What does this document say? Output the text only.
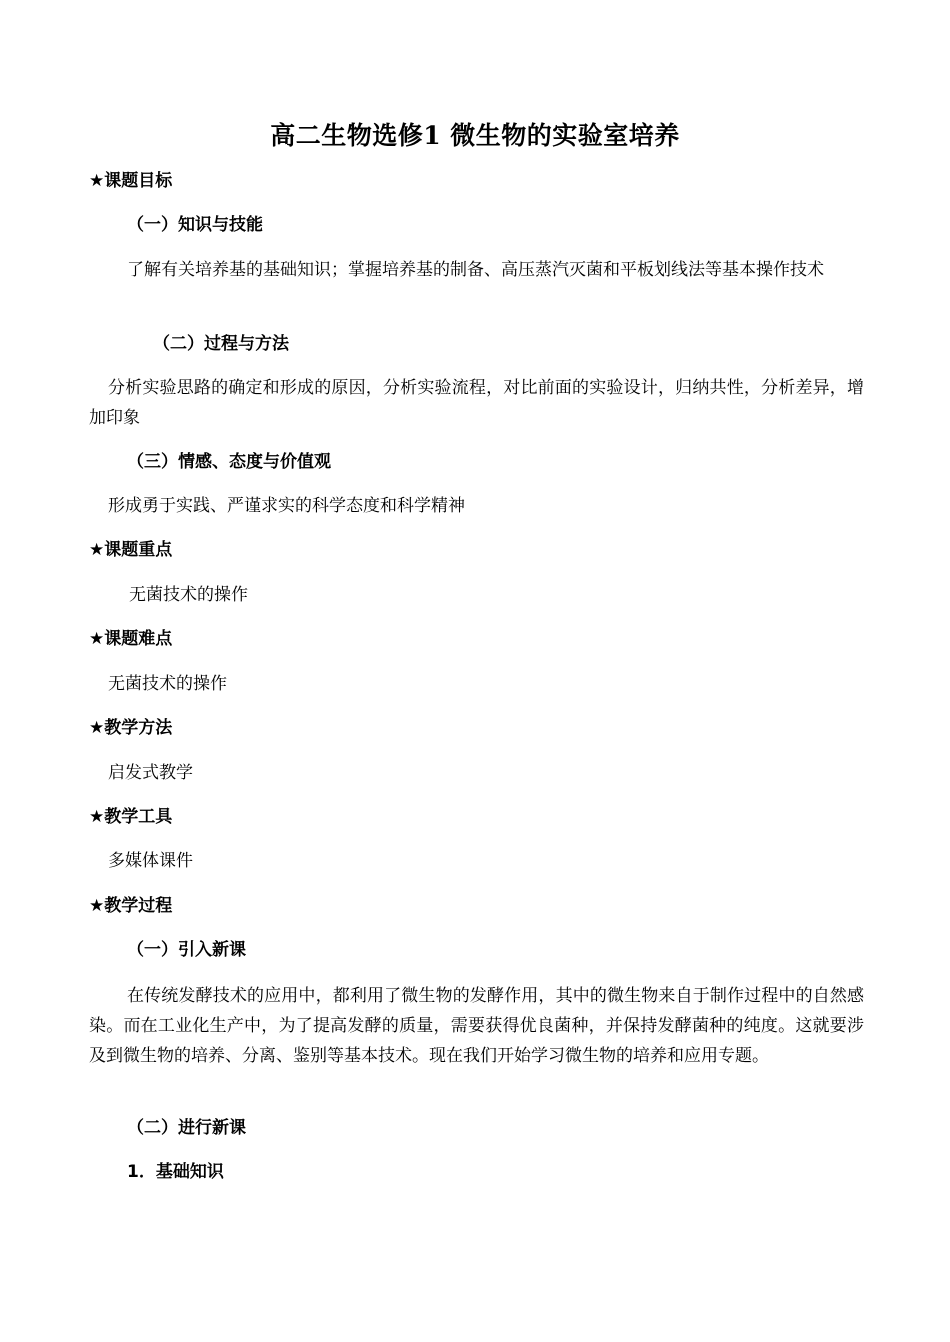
高二生物选修1 微生物的实验室培养
★课题目标
（一）知识与技能
了解有关培养基的基础知识；掌握培养基的制备、高压蒸汽灭菌和平板划线法等基本操作技术
（二）过程与方法
分析实验思路的确定和形成的原因，分析实验流程，对比前面的实验设计，归纳共性，分析差异，增加印象
（三）情感、态度与价值观
形成勇于实践、严谨求实的科学态度和科学精神
★课题重点
无菌技术的操作
★课题难点
无菌技术的操作
★教学方法
启发式教学
★教学工具
多媒体课件
★教学过程
（一）引入新课
在传统发酵技术的应用中，都利用了微生物的发酵作用，其中的微生物来自于制作过程中的自然感染。而在工业化生产中，为了提高发酵的质量，需要获得优良菌种，并保持发酵菌种的纯度。这就要涉及到微生物的培养、分离、鉴别等基本技术。现在我们开始学习微生物的培养和应用专题。
（二）进行新课
1．基础知识
